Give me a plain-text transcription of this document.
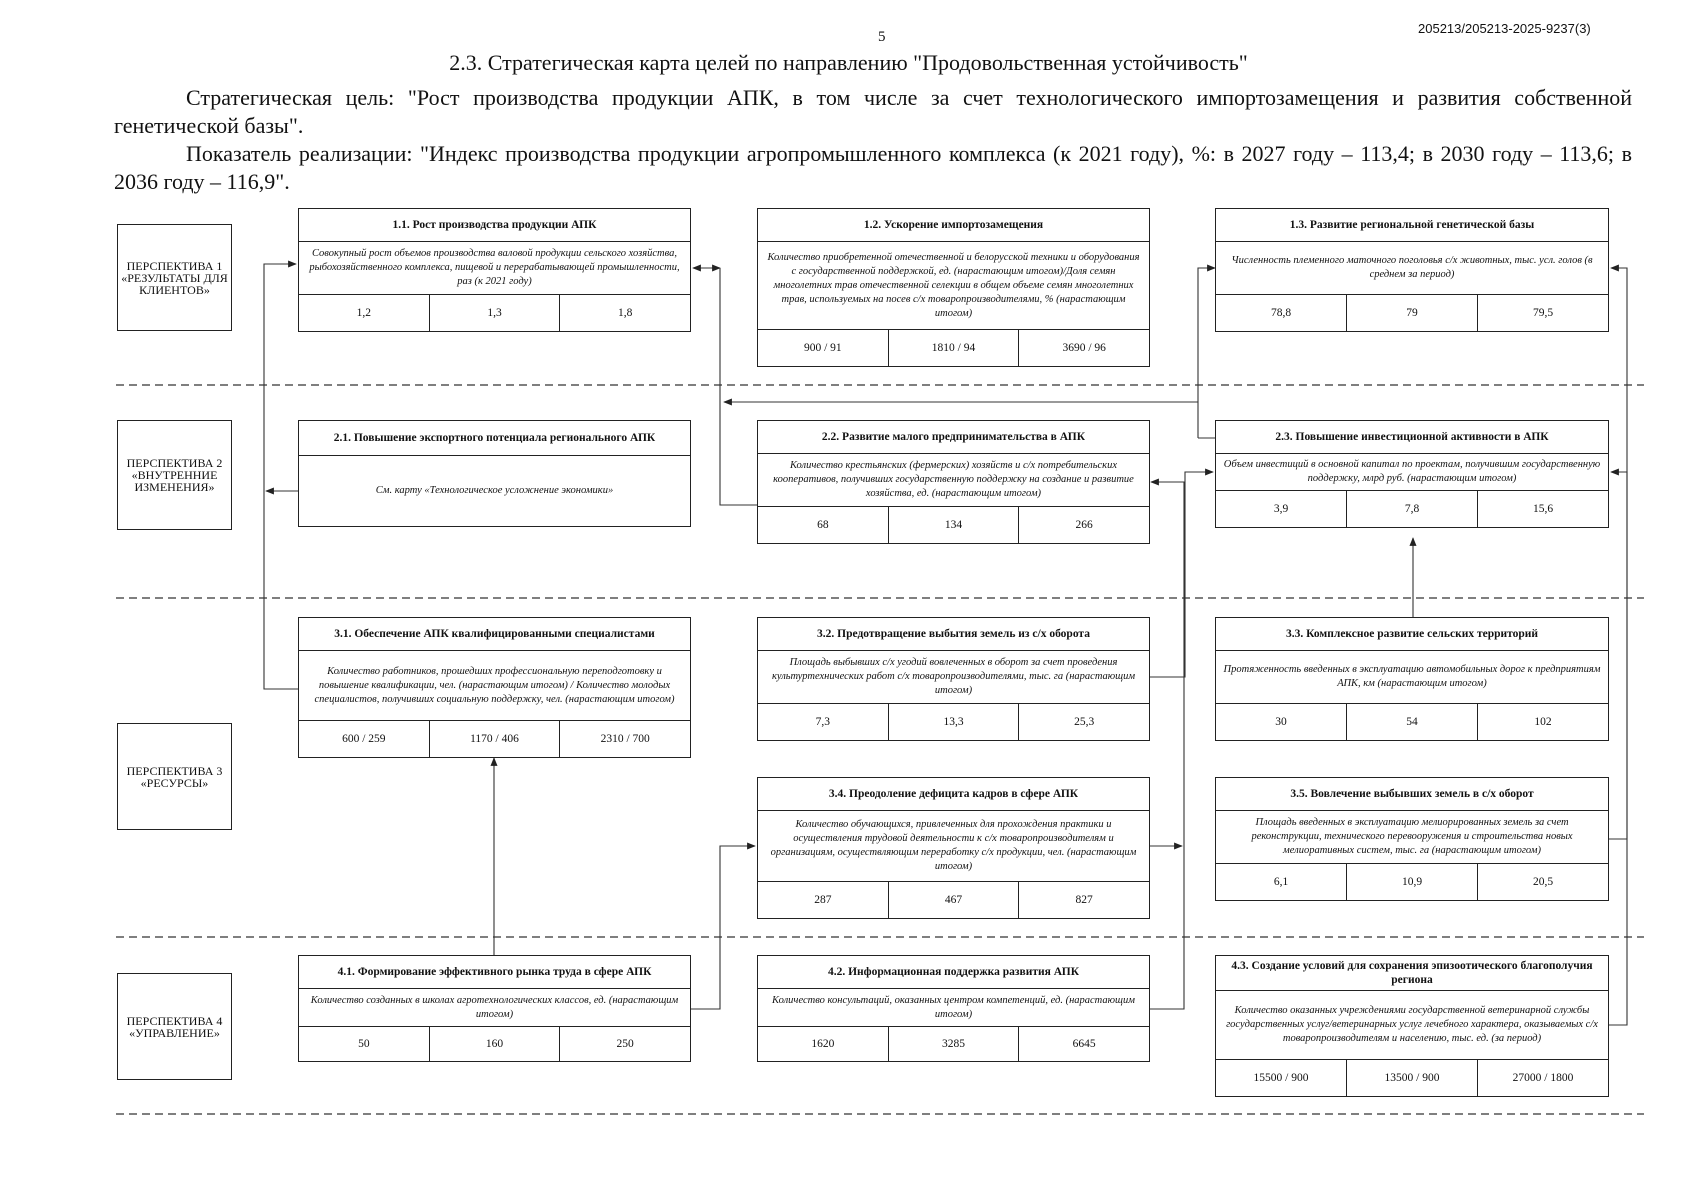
5
205213/205213-2025-9237(3)
2.3. Стратегическая карта целей по направлению "Продовольственная устойчивость"
Стратегическая цель: "Рост производства продукции АПК, в том числе за счет технологического импортозамещения и развития собственной генетической базы".
Показатель реализации: "Индекс производства продукции агропромышленного комплекса (к 2021 году), %: в 2027 году – 113,4; в 2030 году – 113,6; в 2036 году – 116,9".
ПЕРСПЕКТИВА 1 «РЕЗУЛЬТАТЫ ДЛЯ КЛИЕНТОВ»
ПЕРСПЕКТИВА 2 «ВНУТРЕННИЕ ИЗМЕНЕНИЯ»
ПЕРСПЕКТИВА 3 «РЕСУРСЫ»
ПЕРСПЕКТИВА 4 «УПРАВЛЕНИЕ»
1.1. Рост производства продукции АПК
Совокупный рост объемов производства валовой продукции сельского хозяйства, рыбохозяйственного комплекса, пищевой и перерабатывающей промышленности, раз (к 2021 году)
1,2	1,3	1,8
1.2. Ускорение импортозамещения
Количество приобретенной отечественной и белорусской техники и оборудования с государственной поддержкой, ед. (нарастающим итогом)/Доля семян многолетних трав отечественной селекции в общем объеме семян многолетних трав, используемых на посев с/х товаропроизводителями, % (нарастающим итогом)
900 / 91	1810 / 94	3690 / 96
1.3. Развитие региональной генетической базы
Численность племенного маточного поголовья с/х животных, тыс. усл. голов (в среднем за период)
78,8	79	79,5
2.1. Повышение экспортного потенциала регионального АПК
См. карту «Технологическое усложнение экономики»
2.2. Развитие малого предпринимательства в АПК
Количество крестьянских (фермерских) хозяйств и с/х потребительских кооперативов, получивших государственную поддержку на создание и развитие хозяйства, ед. (нарастающим итогом)
68	134	266
2.3. Повышение инвестиционной активности в АПК
Объем инвестиций в основной капитал по проектам, получившим государственную поддержку, млрд руб. (нарастающим итогом)
3,9	7,8	15,6
3.1. Обеспечение АПК квалифицированными специалистами
Количество работников, прошедших профессиональную переподготовку и повышение квалификации, чел. (нарастающим итогом) / Количество молодых специалистов, получивших социальную поддержку, чел. (нарастающим итогом)
600 / 259	1170 / 406	2310 / 700
3.2. Предотвращение выбытия земель из с/х оборота
Площадь выбывших с/х угодий вовлеченных в оборот за счет проведения культуртехнических работ с/х товаропроизводителями, тыс. га (нарастающим итогом)
7,3	13,3	25,3
3.3. Комплексное развитие сельских территорий
Протяженность введенных в эксплуатацию автомобильных дорог к предприятиям АПК, км (нарастающим итогом)
30	54	102
3.4. Преодоление дефицита кадров в сфере АПК
Количество обучающихся, привлеченных для прохождения практики и осуществления трудовой деятельности к с/х товаропроизводителям и организациям, осуществляющим переработку с/х продукции, чел. (нарастающим итогом)
287	467	827
3.5. Вовлечение выбывших земель в с/х оборот
Площадь введенных в эксплуатацию мелиорированных земель за счет реконструкции, технического перевооружения и строительства новых мелиоративных систем, тыс. га (нарастающим итогом)
6,1	10,9	20,5
4.1. Формирование эффективного рынка труда в сфере АПК
Количество созданных в школах агротехнологических классов, ед. (нарастающим итогом)
50	160	250
4.2. Информационная поддержка развития АПК
Количество консультаций, оказанных центром компетенций, ед. (нарастающим итогом)
1620	3285	6645
4.3. Создание условий для сохранения эпизоотического благополучия региона
Количество оказанных учреждениями государственной ветеринарной службы государственных услуг/ветеринарных услуг лечебного характера, оказываемых с/х товаропроизводителям и населению, тыс. ед. (за период)
15500 / 900	13500 / 900	27000 / 1800
